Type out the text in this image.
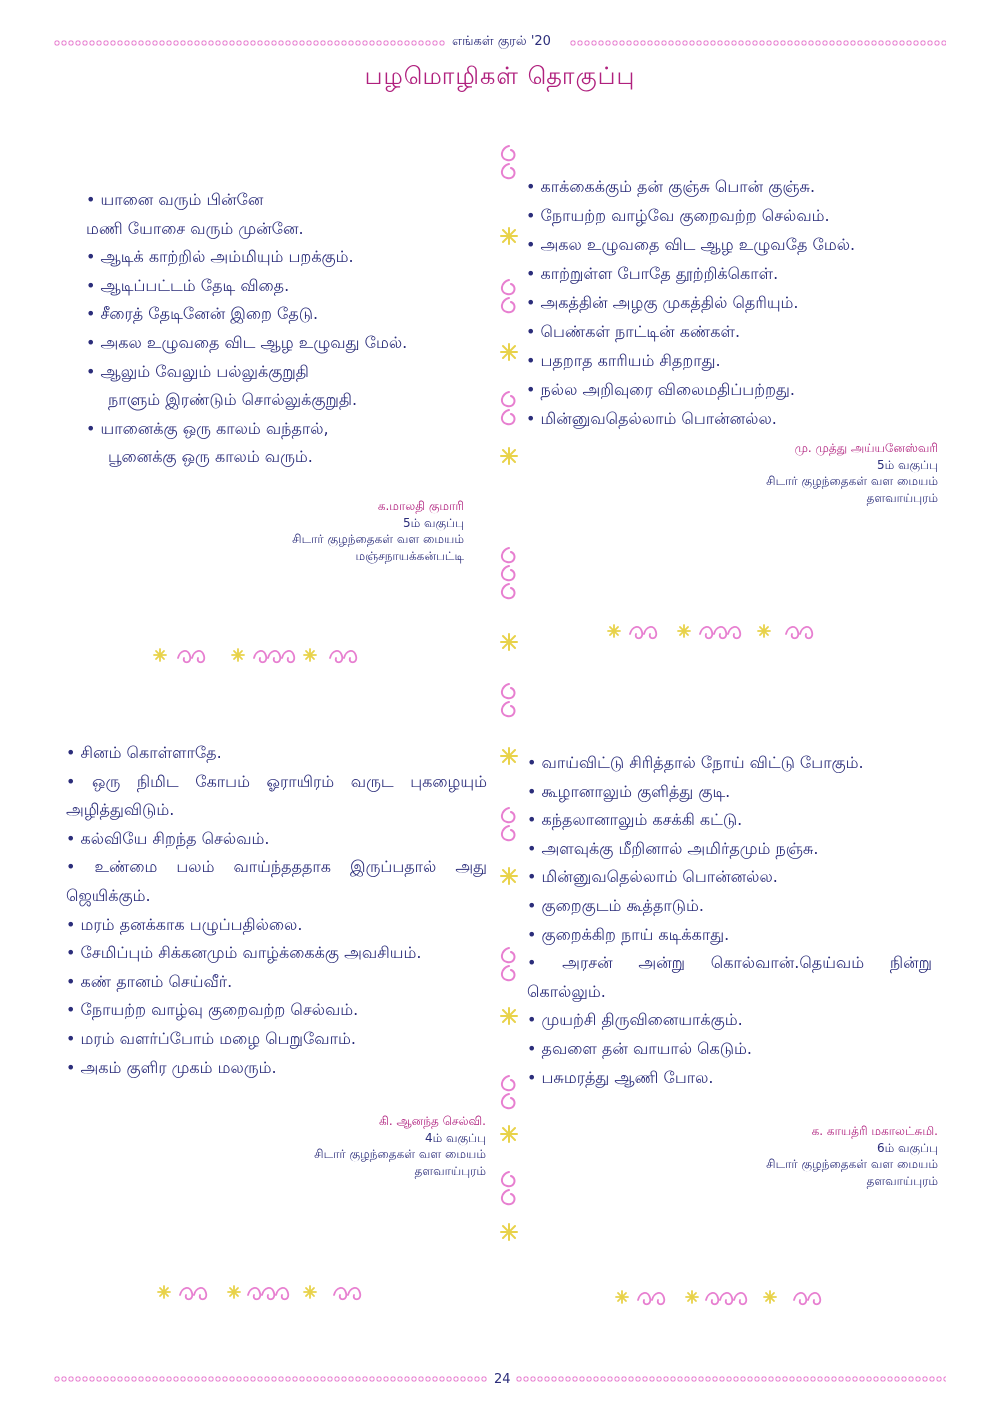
எங்கள் குரல் '20
பழமொழிகள் தொகுப்பு
• யானை வரும் பின்னே
மணி யோசை வரும் முன்னே.
• ஆடிக் காற்றில் அம்மியும் பறக்கும்.
• ஆடிப்பட்டம் தேடி விதை.
• சீரைத் தேடினேன் இறை தேடு.
• அகல உழுவதை விட ஆழ உழுவது மேல்.
• ஆலும் வேலும் பல்லுக்குறுதி
நாளும் இரண்டும் சொல்லுக்குறுதி.
• யானைக்கு ஒரு காலம் வந்தால்,
பூனைக்கு ஒரு காலம் வரும்.
க.மாலதி குமாரி
5ம் வகுப்பு
சிடார் குழந்தைகள் வள மையம்
மஞ்சநாயக்கன்பட்டி
• காக்கைக்கும் தன் குஞ்சு பொன் குஞ்சு.
• நோயற்ற வாழ்வே குறைவற்ற செல்வம்.
• அகல உழுவதை விட ஆழ உழுவதே மேல்.
• காற்றுள்ள போதே தூற்றிக்கொள்.
• அகத்தின் அழகு முகத்தில் தெரியும்.
• பெண்கள் நாட்டின் கண்கள்.
• பதறாத காரியம் சிதறாது.
• நல்ல அறிவுரை விலைமதிப்பற்றது.
• மின்னுவதெல்லாம் பொன்னல்ல.
மு. முத்து அய்யனேஸ்வரி
5ம் வகுப்பு
சிடார் குழந்தைகள் வள மையம்
தளவாய்புரம்
• சினம் கொள்ளாதே.
• ஒரு நிமிட கோபம் ஓராயிரம் வருட புகழையும்
அழித்துவிடும்.
• கல்வியே சிறந்த செல்வம்.
• உண்மை பலம் வாய்ந்தததாக இருப்பதால் அது
ஜெயிக்கும்.
• மரம் தனக்காக பழுப்பதில்லை.
• சேமிப்பும் சிக்கனமும் வாழ்க்கைக்கு அவசியம்.
• கண் தானம் செய்வீர்.
• நோயற்ற வாழ்வு குறைவற்ற செல்வம்.
• மரம் வளர்ப்போம் மழை பெறுவோம்.
• அகம் குளிர முகம் மலரும்.
கி. ஆனந்த செல்வி.
4ம் வகுப்பு
சிடார் குழந்தைகள் வள மையம்
தளவாய்புரம்
• வாய்விட்டு சிரித்தால் நோய் விட்டு போகும்.
• கூழானாலும் குளித்து குடி.
• கந்தலானாலும் கசக்கி கட்டு.
• அளவுக்கு மீறினால் அமிர்தமும் நஞ்சு.
• மின்னுவதெல்லாம் பொன்னல்ல.
• குறைகுடம் கூத்தாடும்.
• குறைக்கிற நாய் கடிக்காது.
• அரசன் அன்று கொல்வான்.தெய்வம் நின்று
கொல்லும்.
• முயற்சி திருவினையாக்கும்.
• தவளை தன் வாயால் கெடும்.
• பசுமரத்து ஆணி போல.
க. காயத்ரி மகாலட்சுமி.
6ம் வகுப்பு
சிடார் குழந்தைகள் வள மையம்
தளவாய்புரம்
24
